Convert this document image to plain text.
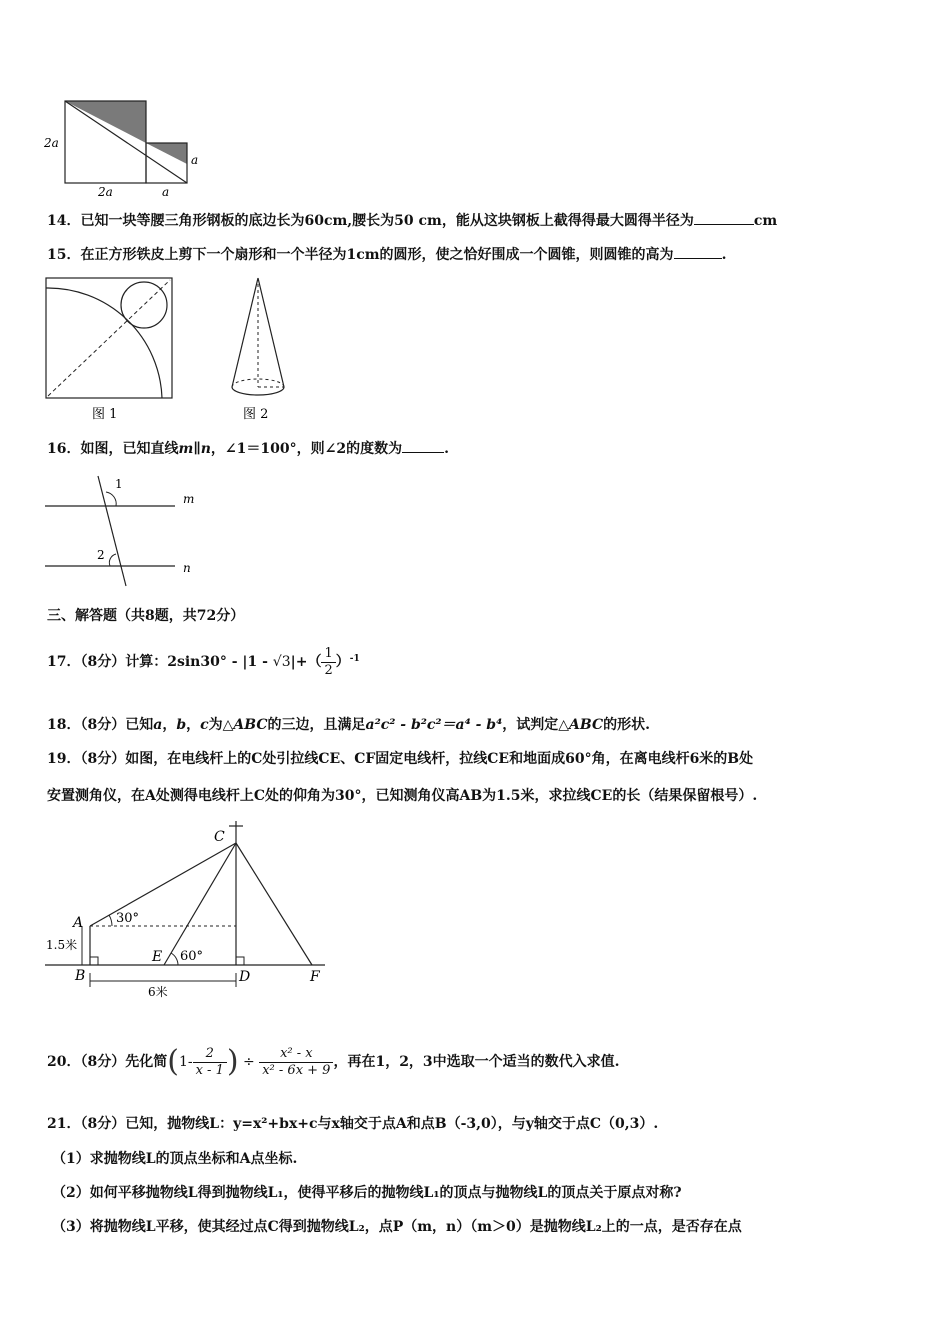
2a
2a
a
a
14．已知一块等腰三角形钢板的底边长为60cm,腰长为50 cm，能从这块钢板上截得得最大圆得半径为	cm
15．在正方形铁皮上剪下一个扇形和一个半径为1cm的圆形，使之恰好围成一个圆锥，则圆锥的高为	.
图 1	图 2
16．如图，已知直线m∥n，∠1＝100°，则∠2的度数为	.
1
2
m
n
三、解答题（共8题，共72分）
17．（8分）计算：$2\sin 30^\circ - |1 - √3|+( \frac{1}{2} )^{-1}$
18．（8分）已知a，b，c为△ABC的三边，且满足a²c² - b²c²＝a⁴ - b⁴，试判定△ABC的形状.
19．（8分）如图，在电线杆上的C处引拉线CE、CF固定电线杆，拉线CE和地面成60°角，在离电线杆6米的B处
安置测角仪，在A处测得电线杆上C处的仰角为30°，已知测角仪高AB为1.5米，求拉线CE的长（结果保留根号）.
C
A
B
E
D	F
30°
60°
1.5米
6米
20．（8分）先化简($1- \frac{2}{x - 1}$ ) ÷ $\frac{\text{x² - x}}{\text{x² - 6x + 9}}$ ，再在1，2，3中选取一个适当的数代入求值.
21．（8分）已知，抛物线L：y=x²+bx+c与x轴交于点A和点B（-3,0），与y轴交于点C（0,3）.
（1）求抛物线L的顶点坐标和A点坐标.
（2）如何平移抛物线L得到抛物线L₁，使得平移后的抛物线L₁的顶点与抛物线L的顶点关于原点对称?
（3）将抛物线L平移，使其经过点C得到抛物线L₂，点P（m，n）（m＞0）是抛物线L₂上的一点，是否存在点
